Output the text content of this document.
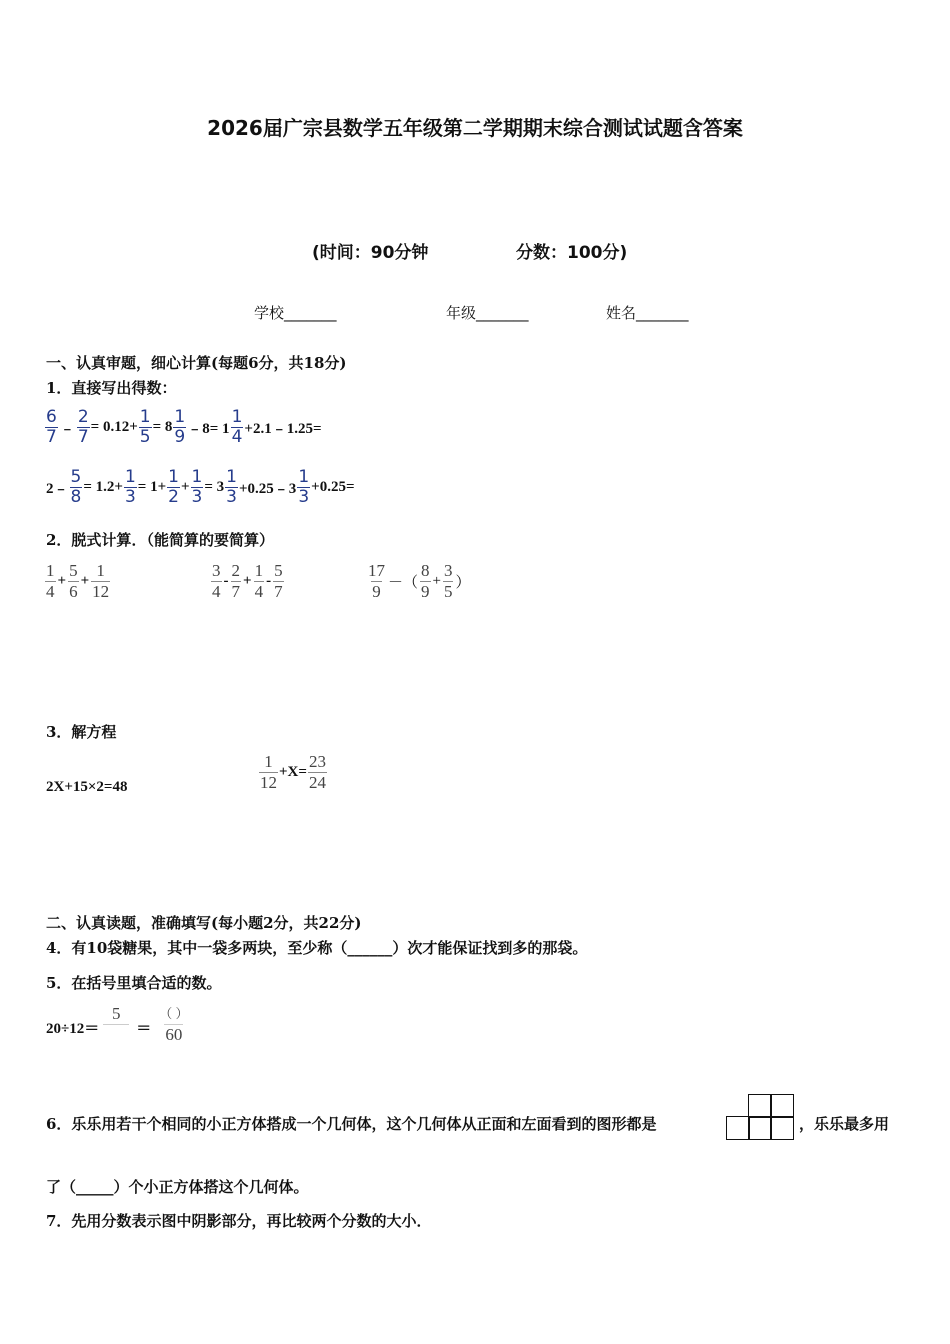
2026届广宗县数学五年级第二学期期末综合测试试题含答案
(时间：90分钟	分数：100分)
学校_______	年级_______	姓名_______
一、认真审题，细心计算(每题6分，共18分)
1．直接写出得数：
$\frac{6}{7}$ ﹣ $\frac{2}{7} = 0.12+ \frac{1}{5} = 8 \frac{1}{9}$ ﹣8= $1 \frac{1}{4}$ +2.1﹣1.25=
2﹣ $\frac{5}{8} = 1.2+ \frac{1}{3} = 1+ \frac{1}{2} + \frac{1}{3} = 3 \frac{1}{3}$ +0.25﹣3 $\frac{1}{3} +0.25=$
2．脱式计算．（能简算的要简算）
$\frac{1}{4} + \frac{5}{6} + \frac{1}{12}$	$\frac{3}{4} - \frac{2}{7} + \frac{1}{4} - \frac{5}{7}$	$\frac{17}{9}$ －（ $\frac{8}{9} + \frac{3}{5}$ ）
3．解方程
2X+15×2=48	$\frac{1}{12} +X= \frac{23}{24}$
二、认真读题，准确填写(每小题2分，共22分)
4．有10袋糖果，其中一袋多两块，至少称（______）次才能保证找到多的那袋。
5．在括号里填合适的数。
20÷12＝
5
＝ $\frac{( )}{60}$
6．乐乐用若干个相同的小正方体搭成一个几何体，这个几何体从正面和左面看到的图形都是	，乐乐最多用
了（_____）个小正方体搭这个几何体。
7．先用分数表示图中阴影部分，再比较两个分数的大小．
